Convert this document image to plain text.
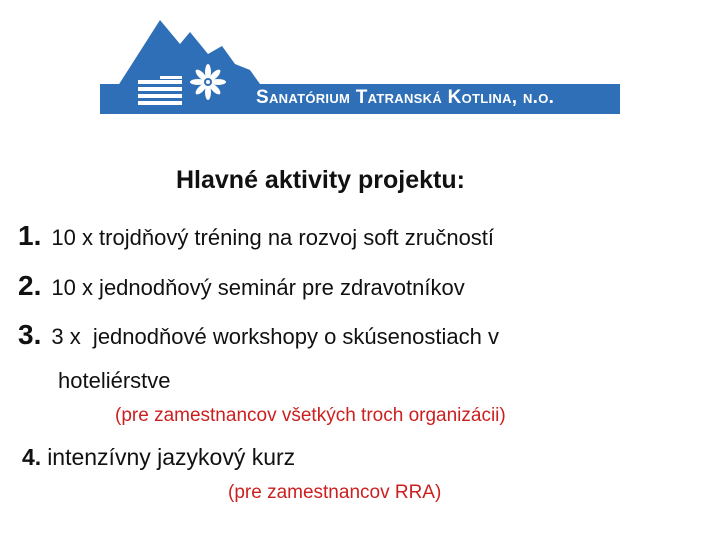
Sanatórium Tatranská Kotlina, n.o.
Hlavné aktivity projektu:
1. 10 x trojdňový tréning na rozvoj soft zručností
2. 10 x jednodňový seminár pre zdravotníkov
3. 3 x  jednodňové workshopy o skúsenostiach v
hoteliérstve
(pre zamestnancov všetkých troch organizácii)
4. intenzívny jazykový kurz
(pre zamestnancov RRA)
